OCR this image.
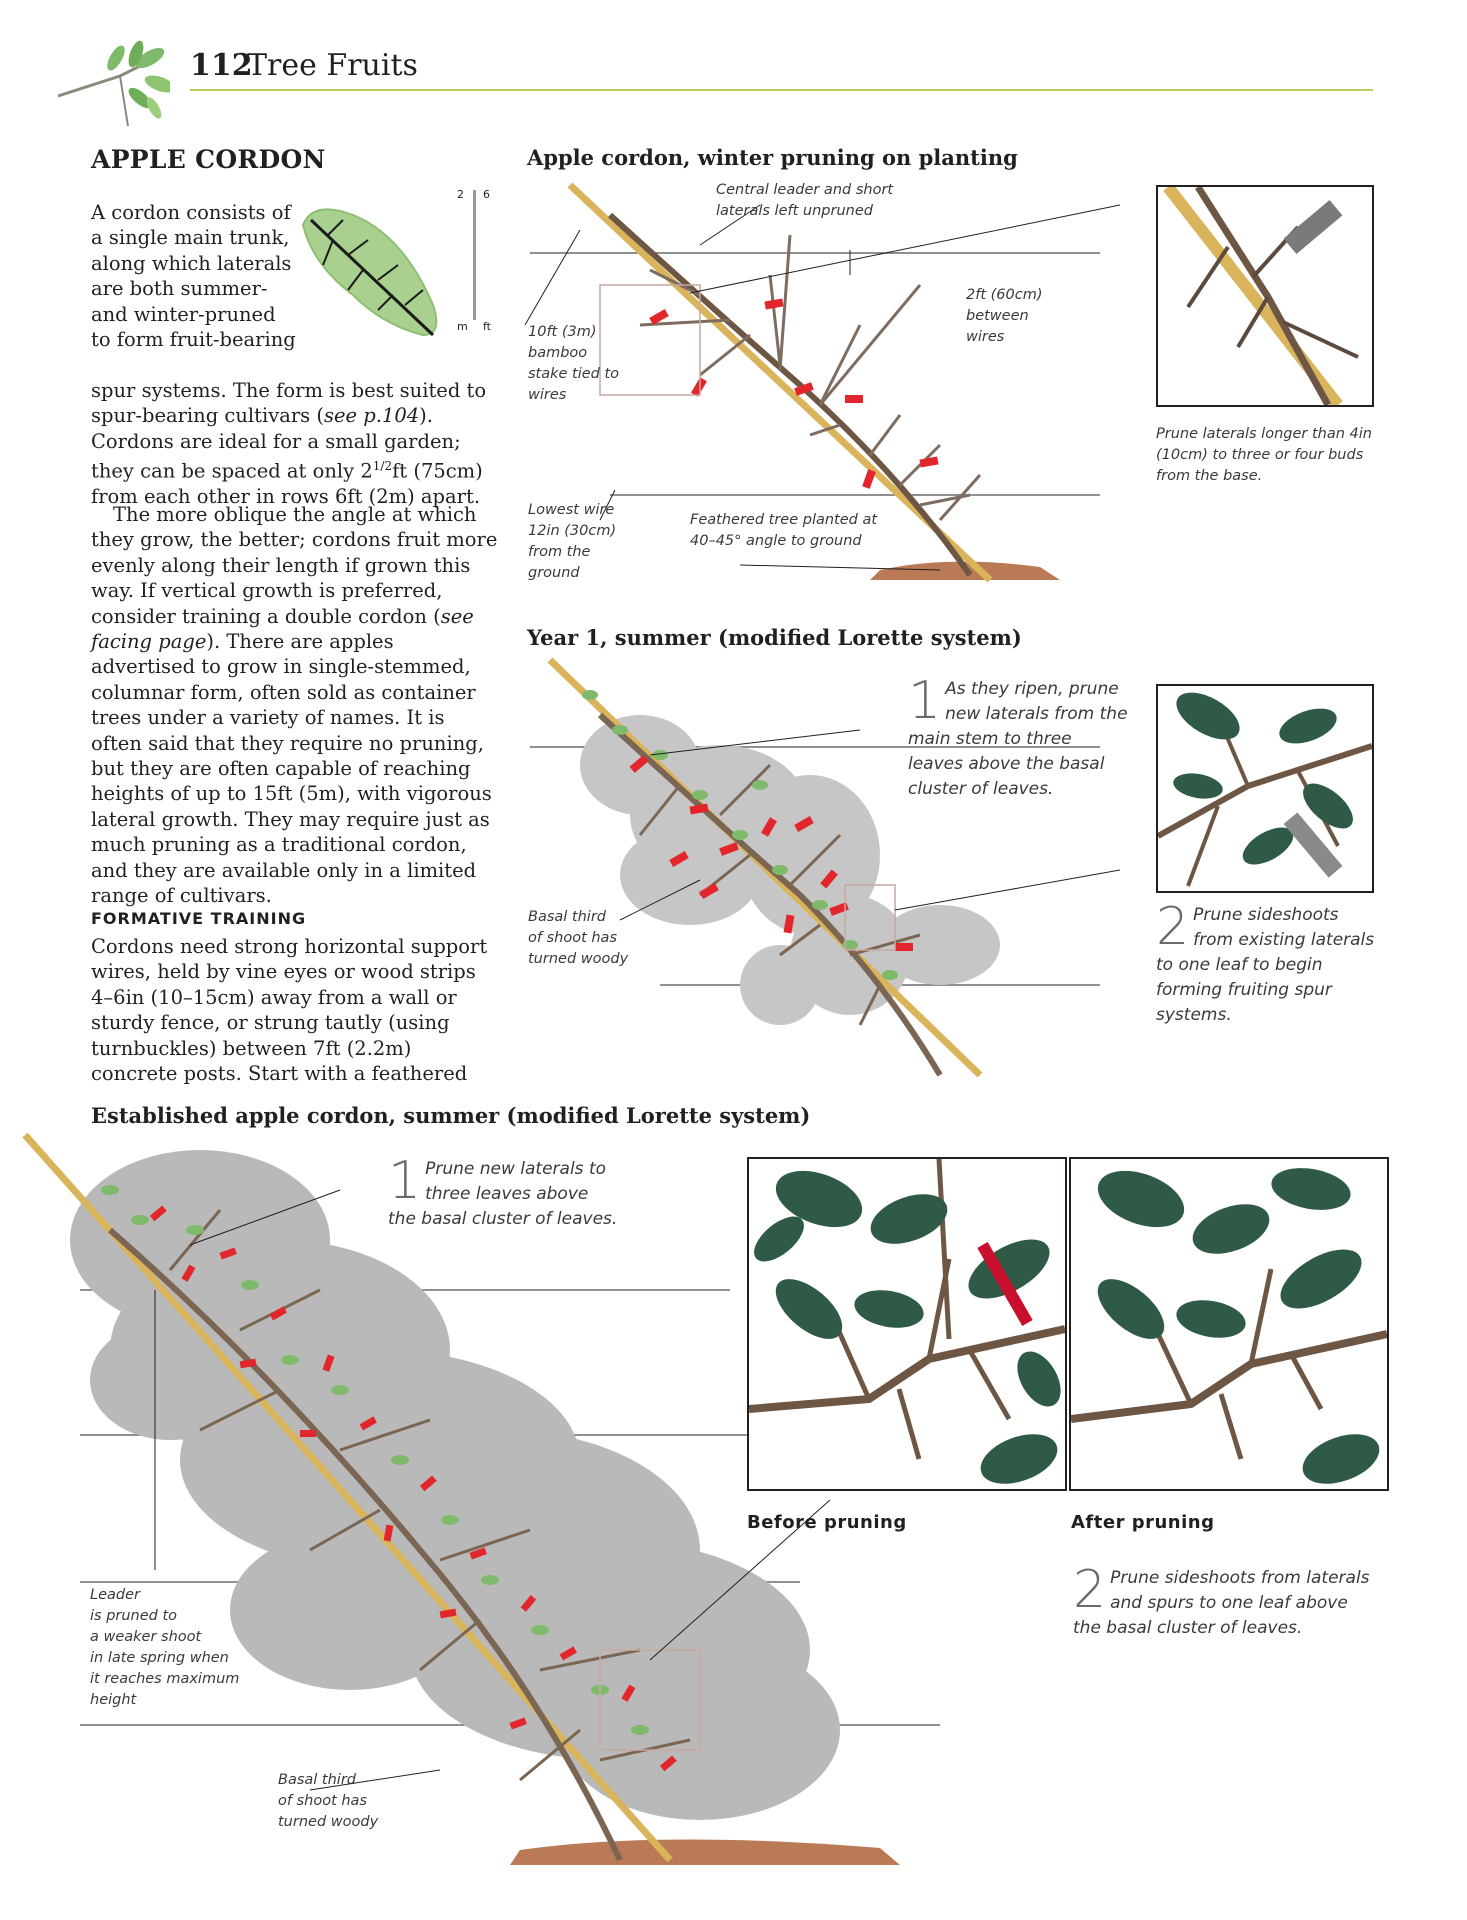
112
Tree Fruits
APPLE CORDON
2 6
m ft
A cordon consists of a single main trunk, along which laterals are both summer- and winter-pruned to form fruit-bearing
spur systems. The form is best suited to spur-bearing cultivars (see p.104). Cordons are ideal for a small garden; they can be spaced at only $2^{1/2}ft$ (75cm) from each other in rows 6ft (2m) apart.
The more oblique the angle at which they grow, the better; cordons fruit more evenly along their length if grown this way. If vertical growth is preferred, consider training a double cordon (see facing page). There are apples advertised to grow in single-stemmed, columnar form, often sold as container trees under a variety of names. It is often said that they require no pruning, but they are often capable of reaching heights of up to 15ft (5m), with vigorous lateral growth. They may require just as much pruning as a traditional cordon, and they are available only in a limited range of cultivars.
FORMATIVE TRAINING
Cordons need strong horizontal support wires, held by vine eyes or wood strips 4–6in (10–15cm) away from a wall or sturdy fence, or strung tautly (using turnbuckles) between 7ft (2.2m) concrete posts. Start with a feathered
Apple cordon, winter pruning on planting
Central leader and short
laterals left unpruned
2ft (60cm)
between
wires
10ft (3m)
bamboo
stake tied to
wires
Lowest wire
12in (30cm)
from the
ground
Feathered tree planted at
40–45° angle to ground
Prune laterals longer than 4in (10cm) to three or four buds from the base.
Year 1, summer (modified Lorette system)
1 As they ripen, prune new laterals from the main stem to three leaves above the basal cluster of leaves.
Basal third
of shoot has
turned woody
2 Prune sideshoots from existing laterals to one leaf to begin forming fruiting spur systems.
Established apple cordon, summer (modified Lorette system)
1 Prune new laterals to three leaves above the basal cluster of leaves.
Leader
is pruned to
a weaker shoot
in late spring when
it reaches maximum
height
Basal third
of shoot has
turned woody
Before pruning	After pruning
2 Prune sideshoots from laterals and spurs to one leaf above the basal cluster of leaves.
